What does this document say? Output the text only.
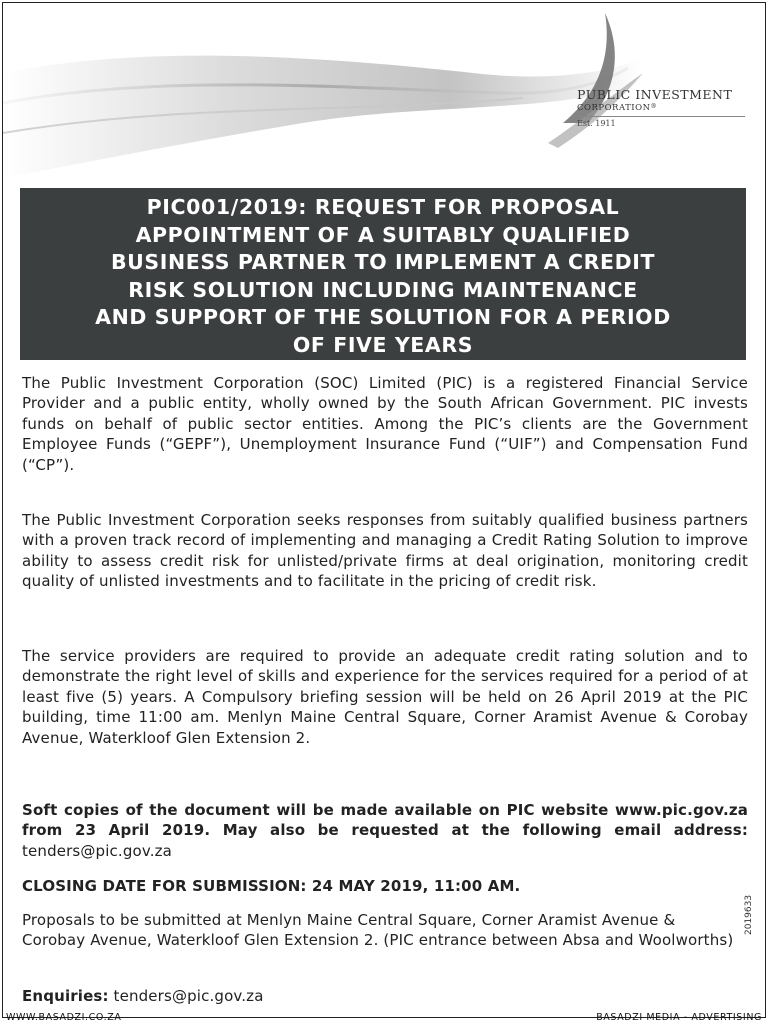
PUBLIC INVESTMENT
CORPORATION®
Est. 1911
PIC001/2019: REQUEST FOR PROPOSAL
APPOINTMENT OF A SUITABLY QUALIFIED
BUSINESS PARTNER TO IMPLEMENT A CREDIT
RISK SOLUTION INCLUDING MAINTENANCE
AND SUPPORT OF THE SOLUTION FOR A PERIOD
OF FIVE YEARS
The Public Investment Corporation (SOC) Limited (PIC) is a registered Financial Service Provider and a public entity, wholly owned by the South African Government. PIC invests funds on behalf of public sector entities. Among the PIC’s clients are the Government Employee Funds (“GEPF”), Unemployment Insurance Fund (“UIF”) and Compensation Fund (“CP”).
The Public Investment Corporation seeks responses from suitably qualified business partners with a proven track record of implementing and managing a Credit Rating Solution to improve ability to assess credit risk for unlisted/private firms at deal origination, monitoring credit quality of unlisted investments and to facilitate in the pricing of credit risk.
The service providers are required to provide an adequate credit rating solution and to demonstrate the right level of skills and experience for the services required for a period of at least five (5) years. A Compulsory briefing session will be held on 26 April 2019 at the PIC building, time 11:00 am. Menlyn Maine Central Square, Corner Aramist Avenue & Corobay Avenue, Waterkloof Glen Extension 2.
Soft copies of the document will be made available on PIC website www.pic.gov.za from 23 April 2019. May also be requested at the following email address: tenders@pic.gov.za
CLOSING DATE FOR SUBMISSION: 24 MAY 2019, 11:00 AM.
Proposals to be submitted at Menlyn Maine Central Square, Corner Aramist Avenue & Corobay Avenue, Waterkloof Glen Extension 2. (PIC entrance between Absa and Woolworths)
Enquiries: tenders@pic.gov.za
2019633
WWW.BASADZI.CO.ZA	BASADZI MEDIA - ADVERTISING
